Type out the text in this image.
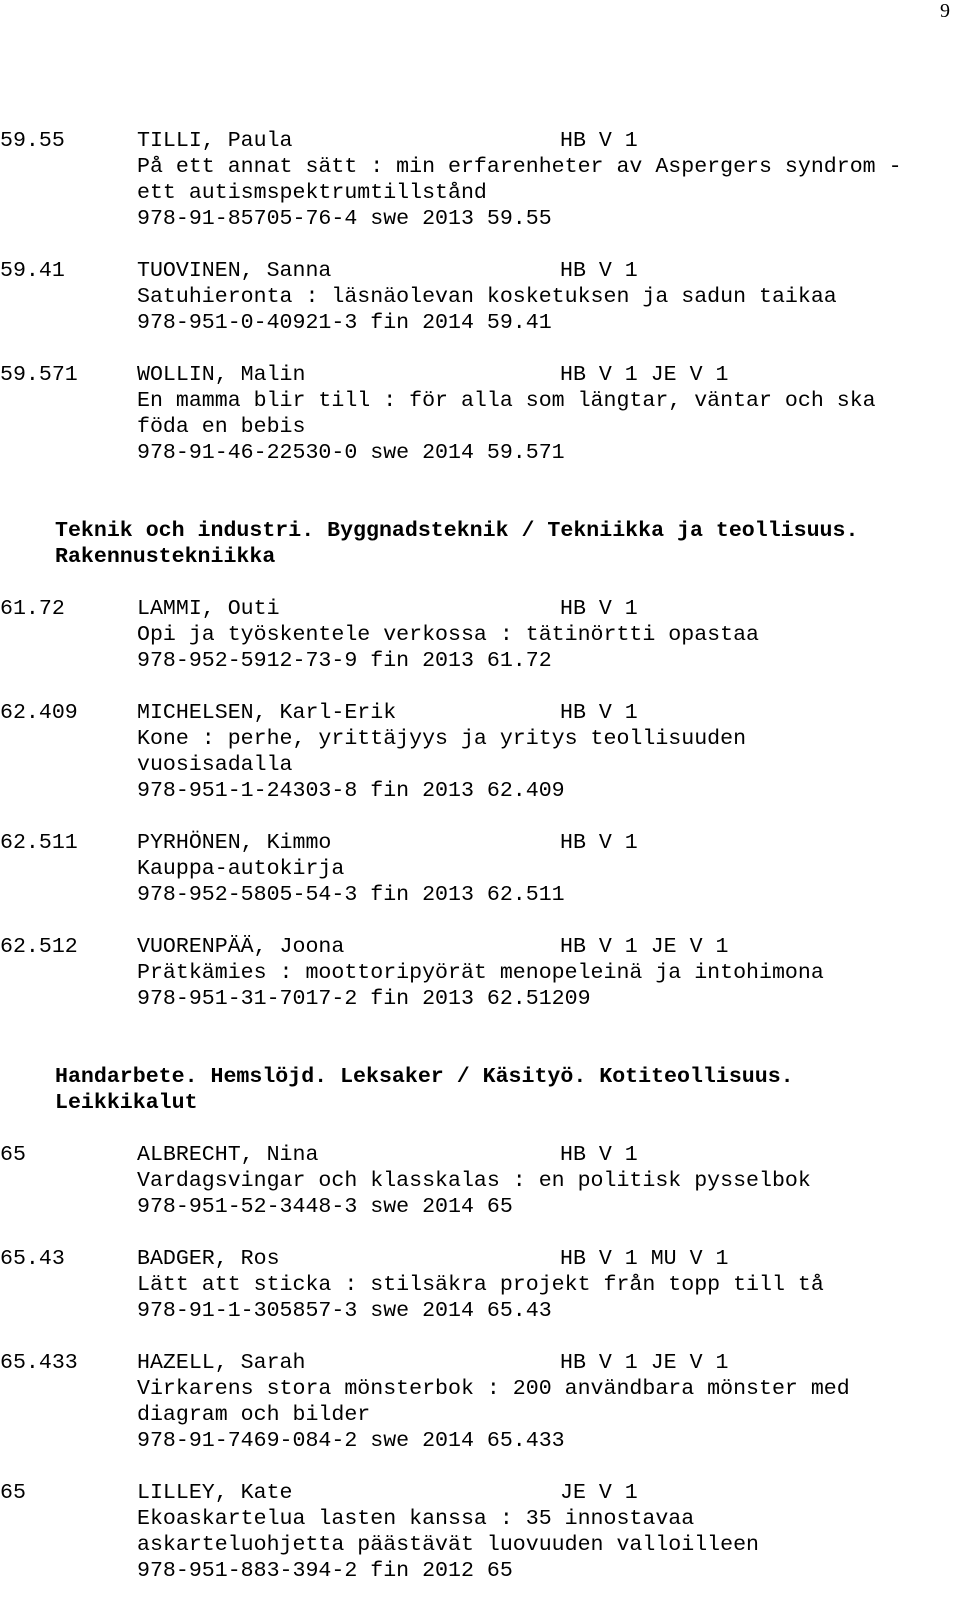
9
59.55	TILLI, Paula	HB V 1
På ett annat sätt : min erfarenheter av Aspergers syndrom -
ett autismspektrumtillstånd
978-91-85705-76-4 swe 2013 59.55
59.41	TUOVINEN, Sanna	HB V 1
Satuhieronta : läsnäolevan kosketuksen ja sadun taikaa
978-951-0-40921-3 fin 2014 59.41
59.571	WOLLIN, Malin	HB V 1 JE V 1
En mamma blir till : för alla som längtar, väntar och ska
föda en bebis
978-91-46-22530-0 swe 2014 59.571
Teknik och industri. Byggnadsteknik / Tekniikka ja teollisuus.
Rakennustekniikka
61.72	LAMMI, Outi	HB V 1
Opi ja työskentele verkossa : tätinörtti opastaa
978-952-5912-73-9 fin 2013 61.72
62.409	MICHELSEN, Karl-Erik	HB V 1
Kone : perhe, yrittäjyys ja yritys teollisuuden
vuosisadalla
978-951-1-24303-8 fin 2013 62.409
62.511	PYRHÖNEN, Kimmo	HB V 1
Kauppa-autokirja
978-952-5805-54-3 fin 2013 62.511
62.512	VUORENPÄÄ, Joona	HB V 1 JE V 1
Prätkämies : moottoripyörät menopeleinä ja intohimona
978-951-31-7017-2 fin 2013 62.51209
Handarbete. Hemslöjd. Leksaker / Käsityö. Kotiteollisuus.
Leikkikalut
65	ALBRECHT, Nina	HB V 1
Vardagsvingar och klasskalas : en politisk pysselbok
978-951-52-3448-3 swe 2014 65
65.43	BADGER, Ros	HB V 1 MU V 1
Lätt att sticka : stilsäkra projekt från topp till tå
978-91-1-305857-3 swe 2014 65.43
65.433	HAZELL, Sarah	HB V 1 JE V 1
Virkarens stora mönsterbok : 200 användbara mönster med
diagram och bilder
978-91-7469-084-2 swe 2014 65.433
65	LILLEY, Kate	JE V 1
Ekoaskartelua lasten kanssa : 35 innostavaa
askarteluohjetta päästävät luovuuden valloilleen
978-951-883-394-2 fin 2012 65
